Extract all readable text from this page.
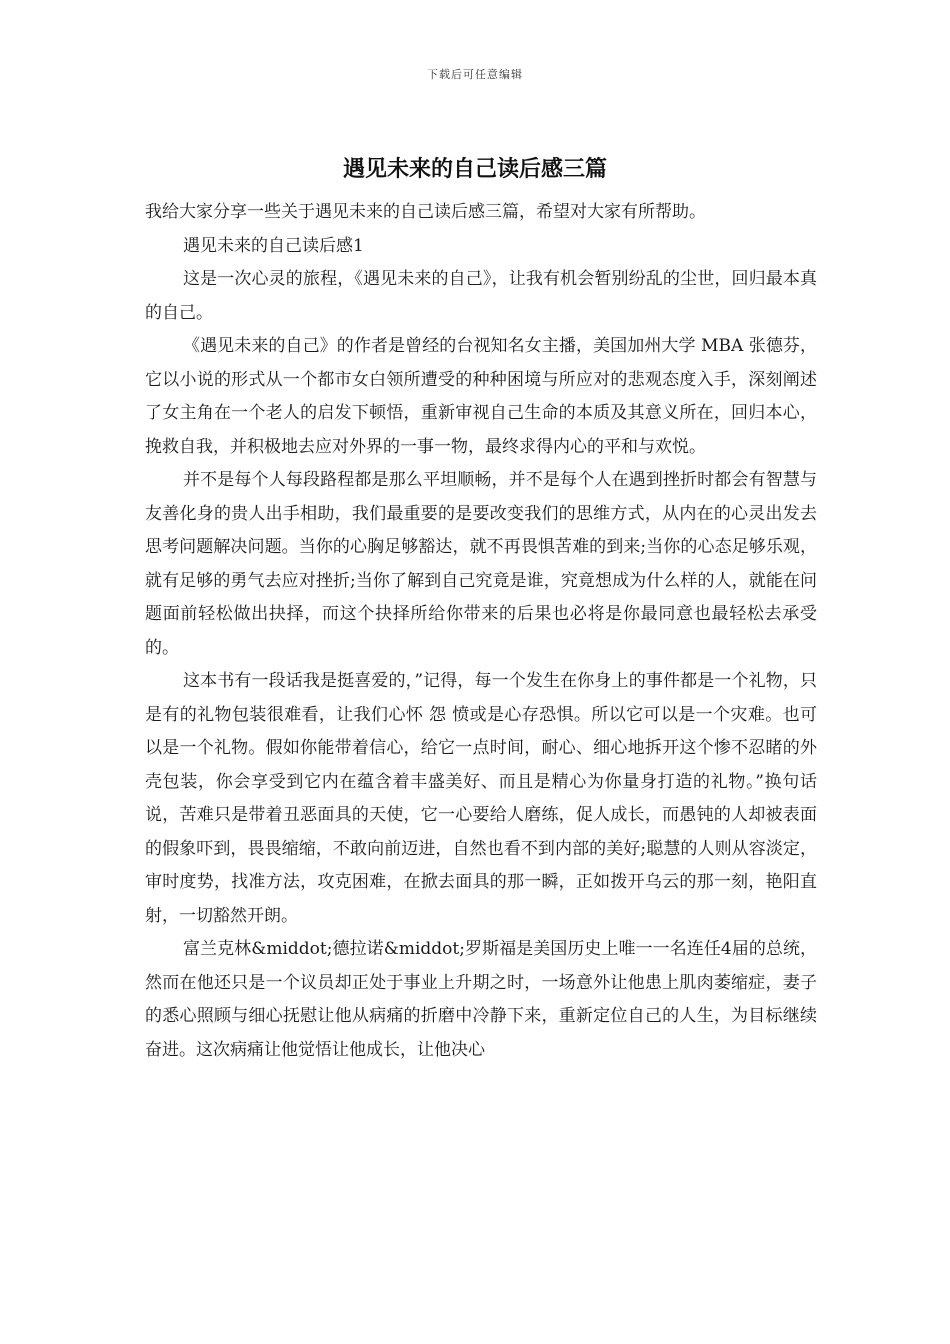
下载后可任意编辑
遇见未来的自己读后感三篇

我给大家分享一些关于遇见未来的自己读后感三篇，希望对大家有所帮助。

遇见未来的自己读后感1

这是一次心灵的旅程，《遇见未来的自己》，让我有机会暂别纷乱的尘世，回归最本真的自己。

《遇见未来的自己》的作者是曾经的台视知名女主播，美国加州大学 MBA 张德芬，它以小说的形式从一个都市女白领所遭受的种种困境与所应对的悲观态度入手，深刻阐述了女主角在一个老人的启发下顿悟，重新审视自己生命的本质及其意义所在，回归本心，挽救自我，并积极地去应对外界的一事一物，最终求得内心的平和与欢悦。

并不是每个人每段路程都是那么平坦顺畅，并不是每个人在遇到挫折时都会有智慧与友善化身的贵人出手相助，我们最重要的是要改变我们的思维方式，从内在的心灵出发去思考问题解决问题。当你的心胸足够豁达，就不再畏惧苦难的到来;当你的心态足够乐观，就有足够的勇气去应对挫折;当你了解到自己究竟是谁，究竟想成为什么样的人，就能在问题面前轻松做出抉择，而这个抉择所给你带来的后果也必将是你最同意也最轻松去承受的。

这本书有一段话我是挺喜爱的，”记得，每一个发生在你身上的事件都是一个礼物，只是有的礼物包装很难看，让我们心怀 怨 愤或是心存恐惧。所以它可以是一个灾难。也可以是一个礼物。假如你能带着信心，给它一点时间，耐心、细心地拆开这个惨不忍睹的外壳包装，你会享受到它内在蕴含着丰盛美好、而且是精心为你量身打造的礼物。”换句话说，苦难只是带着丑恶面具的天使，它一心要给人磨练，促人成长，而愚钝的人却被表面的假象吓到，畏畏缩缩，不敢向前迈进，自然也看不到内部的美好;聪慧的人则从容淡定，审时度势，找准方法，攻克困难，在掀去面具的那一瞬，正如拨开乌云的那一刻，艳阳直射，一切豁然开朗。

富兰克林&middot;德拉诺&middot;罗斯福是美国历史上唯一一名连任4届的总统，然而在他还只是一个议员却正处于事业上升期之时，一场意外让他患上肌肉萎缩症，妻子的悉心照顾与细心抚慰让他从病痛的折磨中冷静下来，重新定位自己的人生，为目标继续奋进。这次病痛让他觉悟让他成长，让他决心
